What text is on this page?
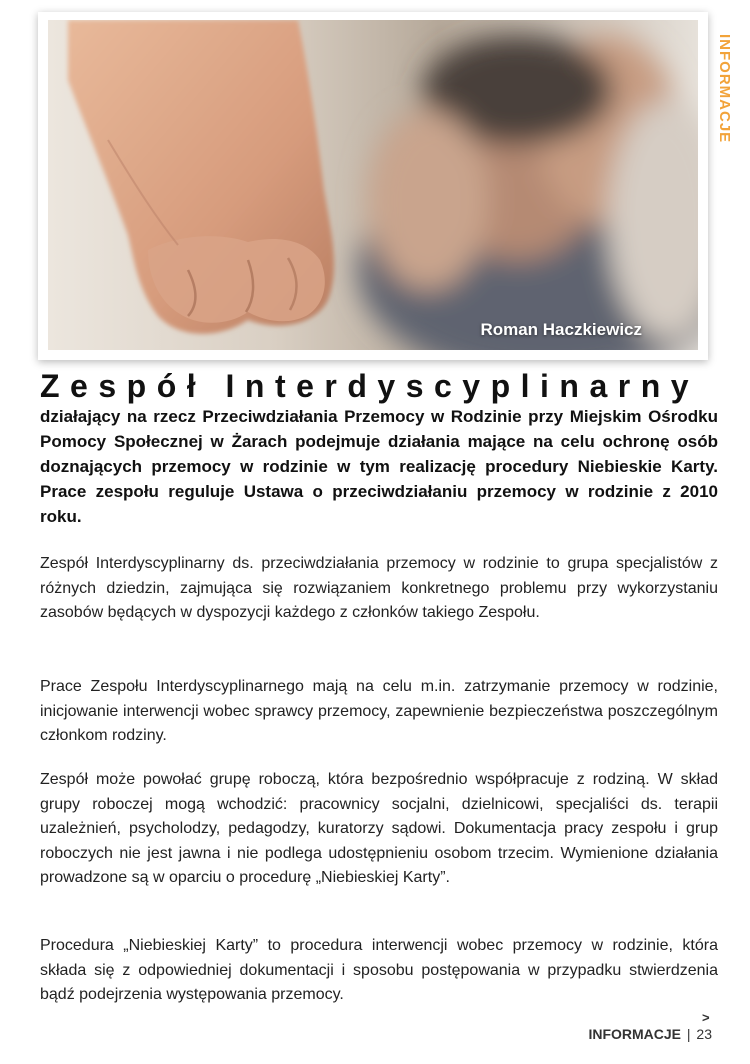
INFORMACJE
Roman Haczkiewicz
Zespół Interdyscyplinarny
działający na rzecz Przeciwdziałania Przemocy w Rodzinie przy Miejskim Ośrodku Pomocy Społecznej w Żarach podejmuje działania mające na celu ochronę osób doznających przemocy w rodzinie w tym realizację procedury Niebieskie Karty. Prace zespołu reguluje Ustawa o przeciwdziałaniu przemocy w rodzinie z 2010 roku.
Zespół Interdyscyplinarny ds. przeciwdziałania przemocy w rodzinie to grupa specjalistów z różnych dziedzin, zajmująca się rozwiązaniem konkretnego problemu przy wykorzystaniu zasobów będących w dyspozycji każdego z członków takiego Zespołu.
Prace Zespołu Interdyscyplinarnego mają na celu m.in. zatrzymanie przemocy w rodzinie, inicjowanie interwencji wobec sprawcy przemocy, zapewnienie bezpieczeństwa poszczególnym członkom rodziny.
Zespół może powołać grupę roboczą, która bezpośrednio współpracuje z rodziną. W skład grupy roboczej mogą wchodzić: pracownicy socjalni, dzielnicowi, specjaliści ds. terapii uzależnień, psycholodzy, pedagodzy, kuratorzy sądowi. Dokumentacja pracy zespołu i grup roboczych nie jest jawna i nie podlega udostępnieniu osobom trzecim. Wymienione działania prowadzone są w oparciu o procedurę „Niebieskiej Karty”.
Procedura „Niebieskiej Karty” to procedura interwencji wobec przemocy w rodzinie, która składa się z odpowiedniej dokumentacji i sposobu postępowania w przypadku stwierdzenia bądź podejrzenia występowania przemocy.
>
INFORMACJE | 23
